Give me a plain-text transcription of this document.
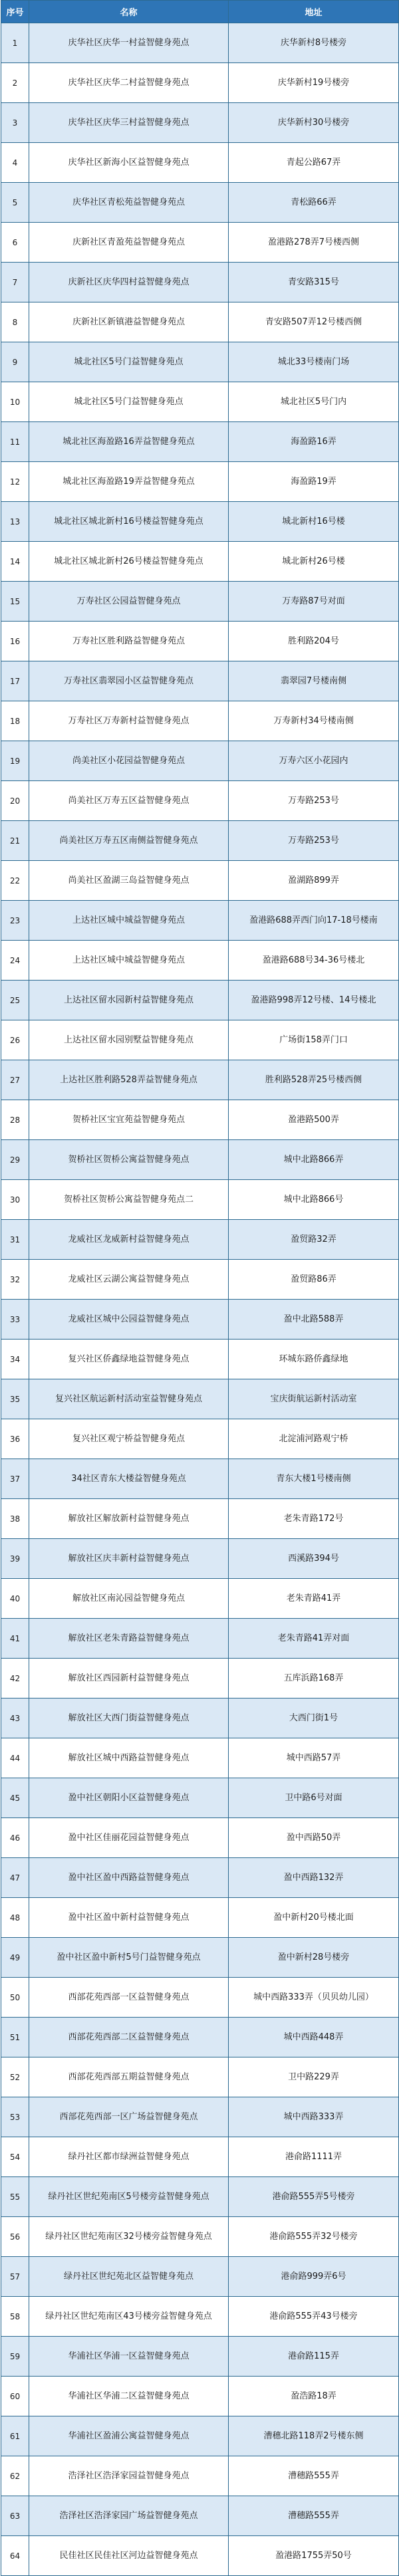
序号	名称	地址
1	庆华社区庆华一村益智健身苑点	庆华新村8号楼旁
2	庆华社区庆华二村益智健身苑点	庆华新村19号楼旁
3	庆华社区庆华三村益智健身苑点	庆华新村30号楼旁
4	庆华社区新海小区益智健身苑点	青起公路67弄
5	庆华社区青松苑益智健身苑点	青松路66弄
6	庆新社区青盈苑益智健身苑点	盈港路278弄7号楼西侧
7	庆新社区庆华四村益智健身苑点	青安路315号
8	庆新社区新镇港益智健身苑点	青安路507弄12号楼西侧
9	城北社区5号门益智健身苑点	城北33号楼南门场
10	城北社区5号门益智健身苑点	城北社区5号门内
11	城北社区海盈路16弄益智健身苑点	海盈路16弄
12	城北社区海盈路19弄益智健身苑点	海盈路19弄
13	城北社区城北新村16号楼益智健身苑点	城北新村16号楼
14	城北社区城北新村26号楼益智健身苑点	城北新村26号楼
15	万寿社区公园益智健身苑点	万寿路87号对面
16	万寿社区胜利路益智健身苑点	胜利路204号
17	万寿社区翡翠园小区益智健身苑点	翡翠园7号楼南侧
18	万寿社区万寿新村益智健身苑点	万寿新村34号楼南侧
19	尚美社区小花园益智健身苑点	万寿六区小花园内
20	尚美社区万寿五区益智健身苑点	万寿路253号
21	尚美社区万寿五区南侧益智健身苑点	万寿路253号
22	尚美社区盈湖三岛益智健身苑点	盈湖路899弄
23	上达社区城中城益智健身苑点	盈港路688弄西门向17-18号楼南
24	上达社区城中城益智健身苑点	盈港路688号34-36号楼北
25	上达社区留水园新村益智健身苑点	盈港路998弄12号楼、14号楼北
26	上达社区留水园别墅益智健身苑点	广场街158弄门口
27	上达社区胜利路528弄益智健身苑点	胜利路528弄25号楼西侧
28	贺桥社区宝宜苑益智健身苑点	盈港路500弄
29	贺桥社区贺桥公寓益智健身苑点	城中北路866弄
30	贺桥社区贺桥公寓益智健身苑点二	城中北路866号
31	龙威社区龙威新村益智健身苑点	盈贸路32弄
32	龙威社区云湖公寓益智健身苑点	盈贸路86弄
33	龙威社区城中公园益智健身苑点	盈中北路588弄
34	复兴社区侨鑫绿地益智健身苑点	环城东路侨鑫绿地
35	复兴社区航运新村活动室益智健身苑点	宝庆街航运新村活动室
36	复兴社区观宁桥益智健身苑点	北淀浦河路观宁桥
37	34社区青东大楼益智健身苑点	青东大楼1号楼南侧
38	解放社区解放新村益智健身苑点	老朱青路172号
39	解放社区庆丰新村益智健身苑点	西溪路394号
40	解放社区南沁园益智健身苑点	老朱青路41弄
41	解放社区老朱青路益智健身苑点	老朱青路41弄对面
42	解放社区西园新村益智健身苑点	五库浜路168弄
43	解放社区大西门街益智健身苑点	大西门街1号
44	解放社区城中西路益智健身苑点	城中西路57弄
45	盈中社区朝阳小区益智健身苑点	卫中路6号对面
46	盈中社区佳丽花园益智健身苑点	盈中西路50弄
47	盈中社区盈中西路益智健身苑点	盈中西路132弄
48	盈中社区盈中新村益智健身苑点	盈中新村20号楼北面
49	盈中社区盈中新村5号门益智健身苑点	盈中新村28号楼旁
50	西部花苑西部一区益智健身苑点	城中西路333弄（贝贝幼儿园）
51	西部花苑西部二区益智健身苑点	城中西路448弄
52	西部花苑西部五期益智健身苑点	卫中路229弄
53	西部花苑西部一区广场益智健身苑点	城中西路333弄
54	绿丹社区都市绿洲益智健身苑点	港俞路1111弄
55	绿丹社区世纪苑南区5号楼旁益智健身苑点	港俞路555弄5号楼旁
56	绿丹社区世纪苑南区32号楼旁益智健身苑点	港俞路555弄32号楼旁
57	绿丹社区世纪苑北区益智健身苑点	港俞路999弄6号
58	绿丹社区世纪苑南区43号楼旁益智健身苑点	港俞路555弄43号楼旁
59	华浦社区华浦一区益智健身苑点	港俞路115弄
60	华浦社区华浦二区益智健身苑点	盈浩路18弄
61	华浦社区盈浦公寓益智健身苑点	漕穗北路118弄2号楼东侧
62	浩泽社区浩泽家园益智健身苑点	漕穗路555弄
63	浩泽社区浩泽家园广场益智健身苑点	漕穗路555弄
64	民佳社区民佳社区河边益智健身苑点	盈港路1755弄50号
